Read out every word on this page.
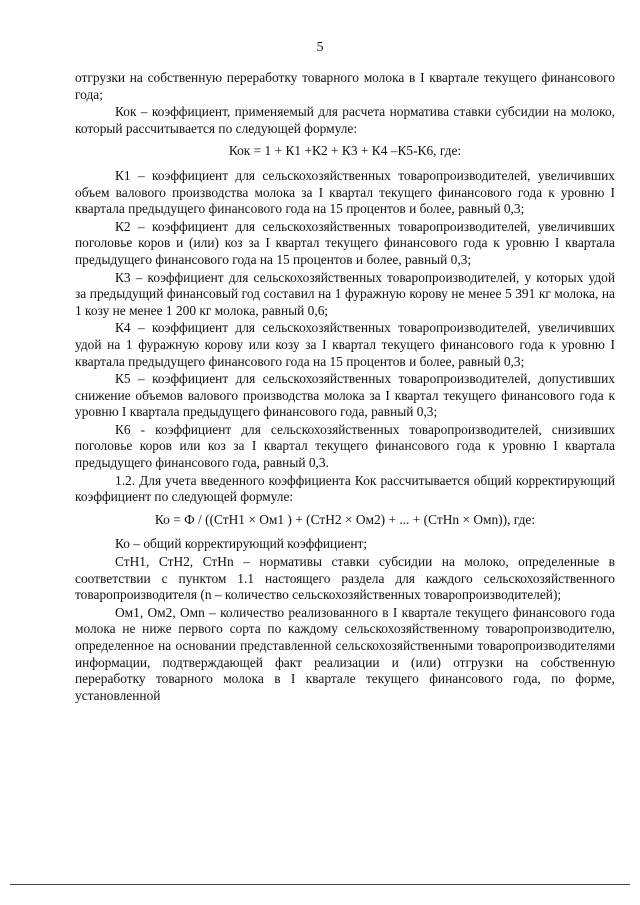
5

отгрузки на собственную переработку товарного молока в I квартале текущего финансового года;

Кок – коэффициент, применяемый для расчета норматива ставки субсидии на молоко, который рассчитывается по следующей формуле:

Кок = 1 + К1 +К2 + К3 + К4 –К5-К6, где:

К1 – коэффициент для сельскохозяйственных товаропроизводителей, увеличивших объем валового производства молока за I квартал текущего финансового года к уровню I квартала предыдущего финансового года на 15 процентов и более, равный 0,3;

К2 – коэффициент для сельскохозяйственных товаропроизводителей, увеличивших поголовье коров и (или) коз за I квартал текущего финансового года к уровню I квартала предыдущего финансового года на 15 процентов и более, равный 0,3;

К3 – коэффициент для сельскохозяйственных товаропроизводителей, у которых удой за предыдущий финансовый год составил на 1 фуражную корову не менее 5 391 кг молока, на 1 козу не менее 1 200 кг молока, равный 0,6;

К4 – коэффициент для сельскохозяйственных товаропроизводителей, увеличивших удой на 1 фуражную корову или козу за I квартал текущего финансового года к уровню I квартала предыдущего финансового года на 15 процентов и более, равный 0,3;

К5 – коэффициент для сельскохозяйственных товаропроизводителей, допустивших снижение объемов валового производства молока за I квартал текущего финансового года к уровню I квартала предыдущего финансового года, равный 0,3;

К6 - коэффициент для сельскохозяйственных товаропроизводителей, снизивших поголовье коров или коз за I квартал текущего финансового года к уровню I квартала предыдущего финансового года, равный 0,3.

1.2. Для учета введенного коэффициента Кок рассчитывается общий корректирующий коэффициент по следующей формуле:

Ко = Ф / ((СтН1 × Ом1 ) + (СтН2 × Ом2) + ... + (СтНn × Омn)), где:

Ко – общий корректирующий коэффициент;

СтН1, СтН2, СтНn – нормативы ставки субсидии на молоко, определенные в соответствии с пунктом 1.1 настоящего раздела для каждого сельскохозяйственного товаропроизводителя (n – количество сельскохозяйственных товаропроизводителей);

Ом1, Ом2, Омn – количество реализованного в I квартале текущего финансового года молока не ниже первого сорта по каждому сельскохозяйственному товаропроизводителю, определенное на основании представленной сельскохозяйственными товаропроизводителями информации, подтверждающей факт реализации и (или) отгрузки на собственную переработку товарного молока в I квартале текущего финансового года, по форме, установленной
